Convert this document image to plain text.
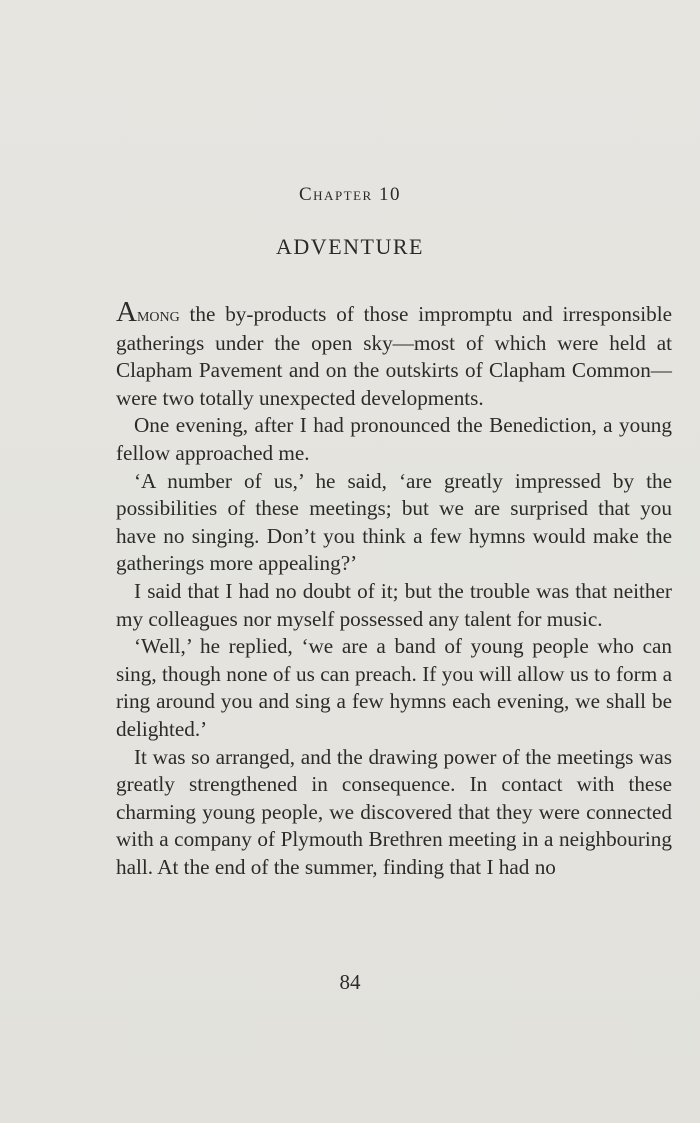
Chapter 10
ADVENTURE

Among the by-products of those impromptu and irresponsible gatherings under the open sky—most of which were held at Clapham Pavement and on the outskirts of Clapham Common—were two totally unexpected developments.

One evening, after I had pronounced the Benediction, a young fellow approached me.

‘A number of us,’ he said, ‘are greatly impressed by the possibilities of these meetings; but we are surprised that you have no singing. Don’t you think a few hymns would make the gatherings more appealing?’

I said that I had no doubt of it; but the trouble was that neither my colleagues nor myself possessed any talent for music.

‘Well,’ he replied, ‘we are a band of young people who can sing, though none of us can preach. If you will allow us to form a ring around you and sing a few hymns each evening, we shall be delighted.’

It was so arranged, and the drawing power of the meetings was greatly strengthened in consequence. In contact with these charming young people, we discovered that they were connected with a company of Plymouth Brethren meeting in a neighbouring hall. At the end of the summer, finding that I had no

84
